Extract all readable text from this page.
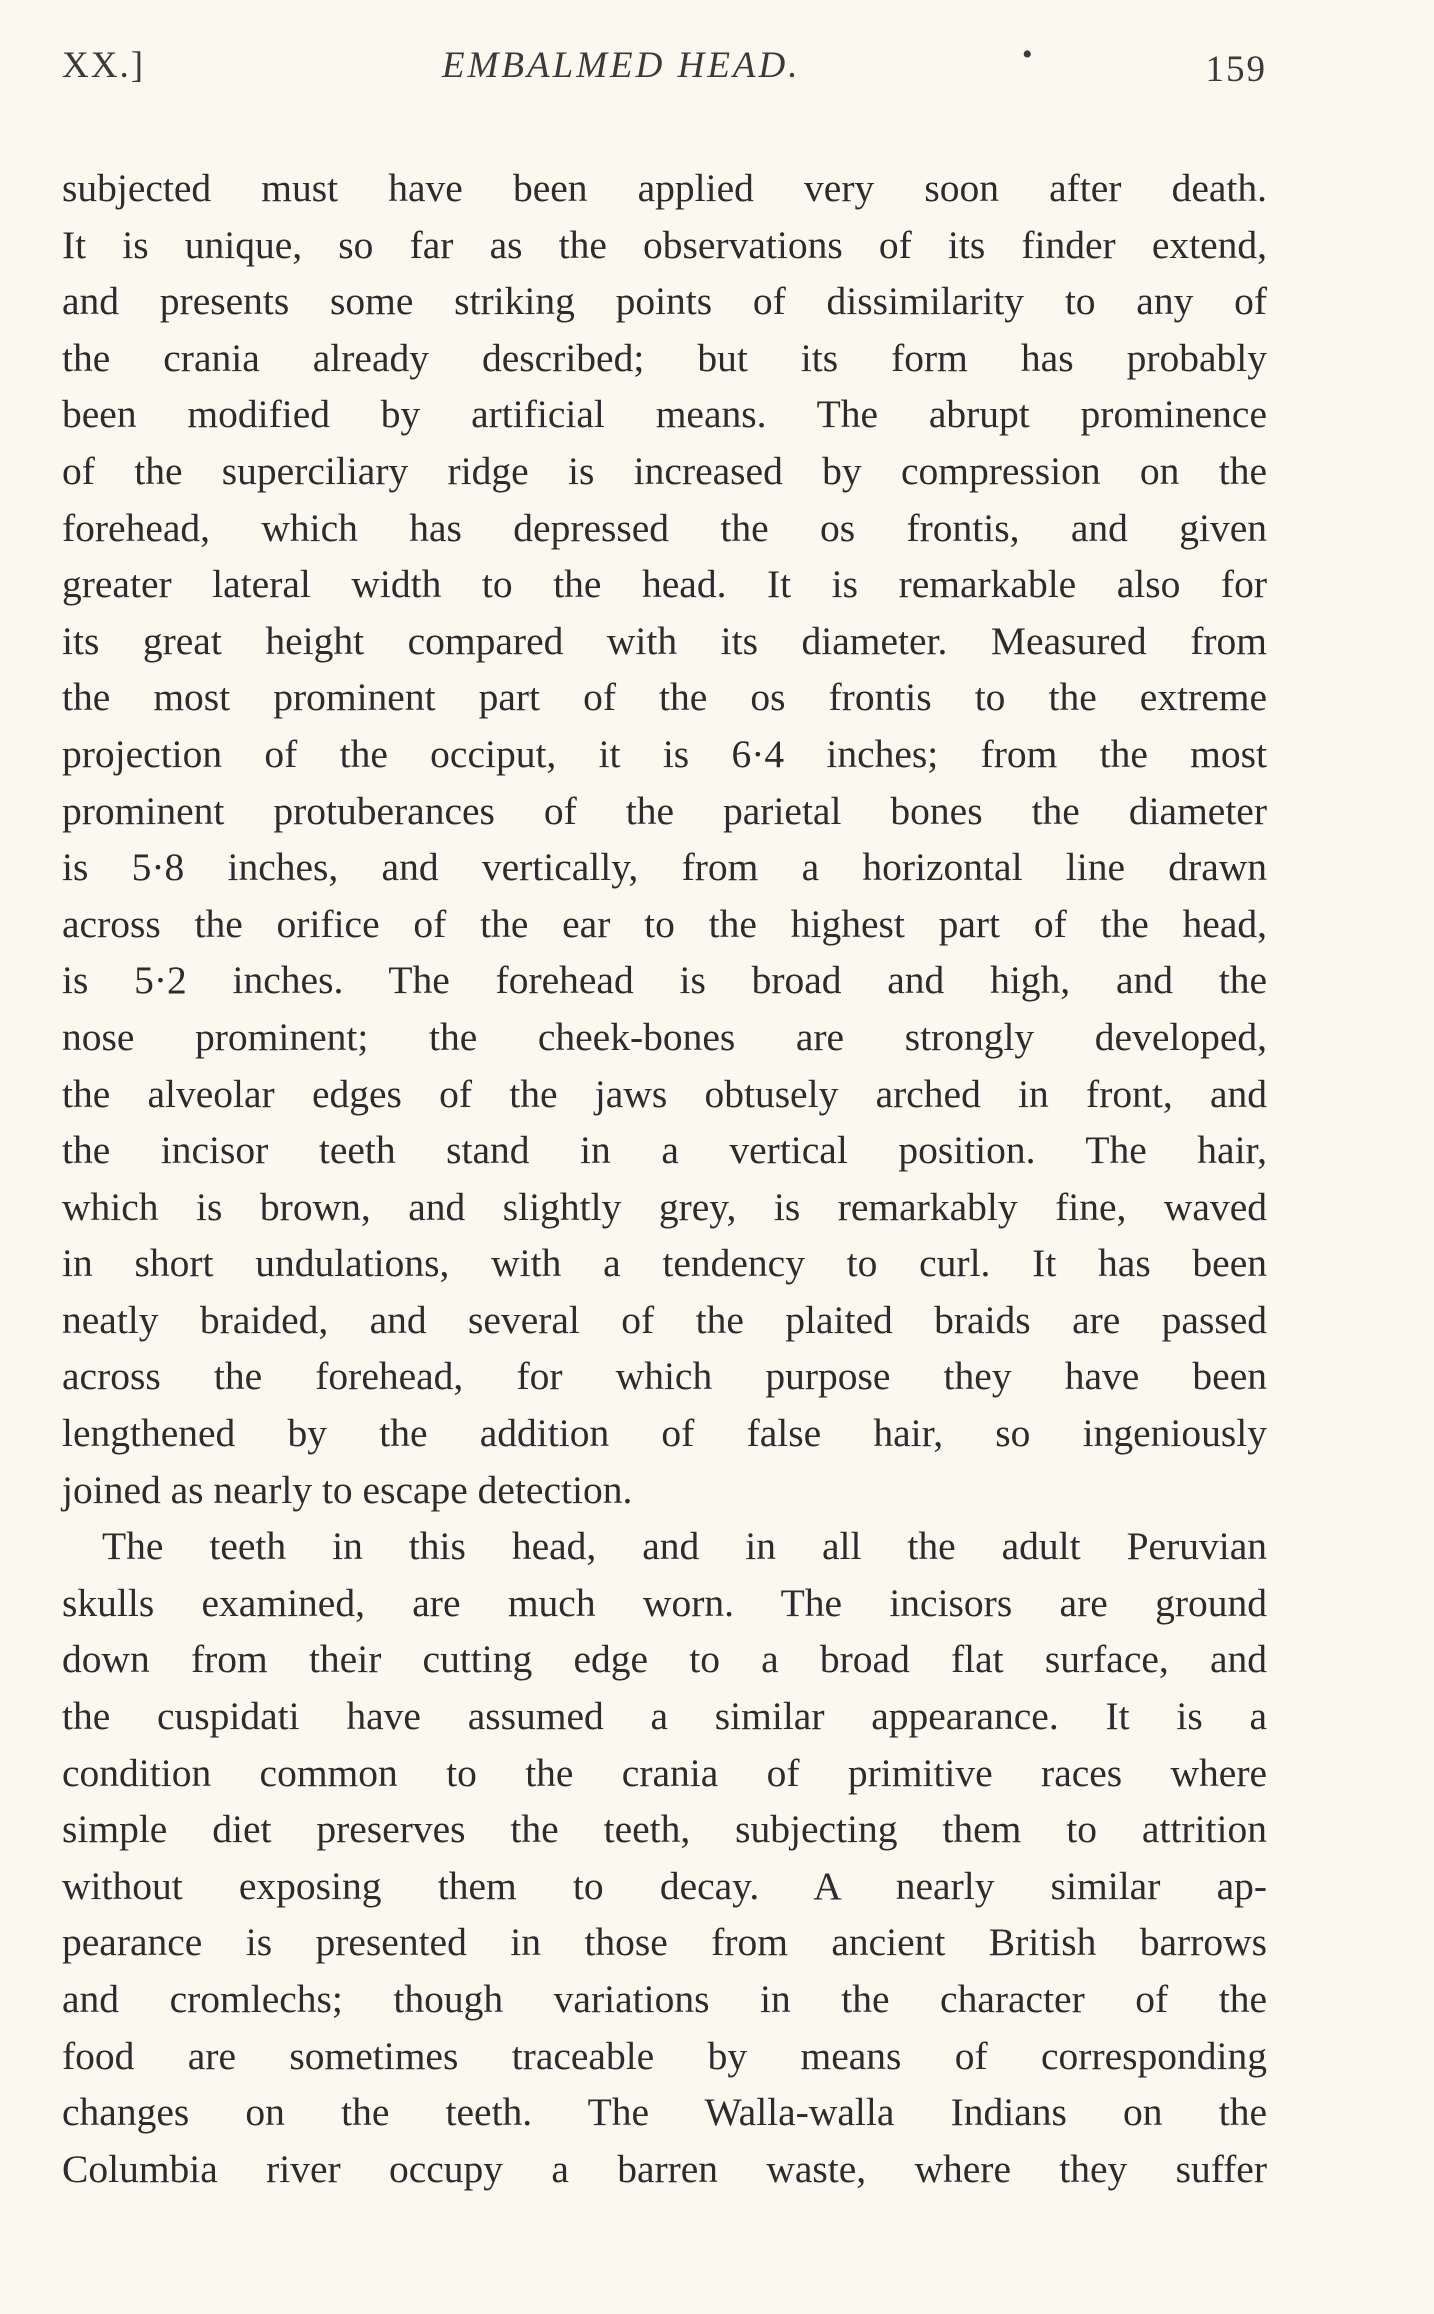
XX.]	EMBALMED HEAD.	•	159

subjected must have been applied very soon after death.
It is unique, so far as the observations of its finder extend,
and presents some striking points of dissimilarity to any of
the crania already described; but its form has probably
been modified by artificial means. The abrupt prominence
of the superciliary ridge is increased by compression on the
forehead, which has depressed the os frontis, and given
greater lateral width to the head. It is remarkable also for
its great height compared with its diameter. Measured from
the most prominent part of the os frontis to the extreme
projection of the occiput, it is 6·4 inches; from the most
prominent protuberances of the parietal bones the diameter
is 5·8 inches, and vertically, from a horizontal line drawn
across the orifice of the ear to the highest part of the head,
is 5·2 inches. The forehead is broad and high, and the
nose prominent; the cheek-bones are strongly developed,
the alveolar edges of the jaws obtusely arched in front, and
the incisor teeth stand in a vertical position. The hair,
which is brown, and slightly grey, is remarkably fine, waved
in short undulations, with a tendency to curl. It has been
neatly braided, and several of the plaited braids are passed
across the forehead, for which purpose they have been
lengthened by the addition of false hair, so ingeniously
joined as nearly to escape detection.

The teeth in this head, and in all the adult Peruvian
skulls examined, are much worn. The incisors are ground
down from their cutting edge to a broad flat surface, and
the cuspidati have assumed a similar appearance. It is a
condition common to the crania of primitive races where
simple diet preserves the teeth, subjecting them to attrition
without exposing them to decay. A nearly similar ap-
pearance is presented in those from ancient British barrows
and cromlechs; though variations in the character of the
food are sometimes traceable by means of corresponding
changes on the teeth. The Walla-walla Indians on the
Columbia river occupy a barren waste, where they suffer
